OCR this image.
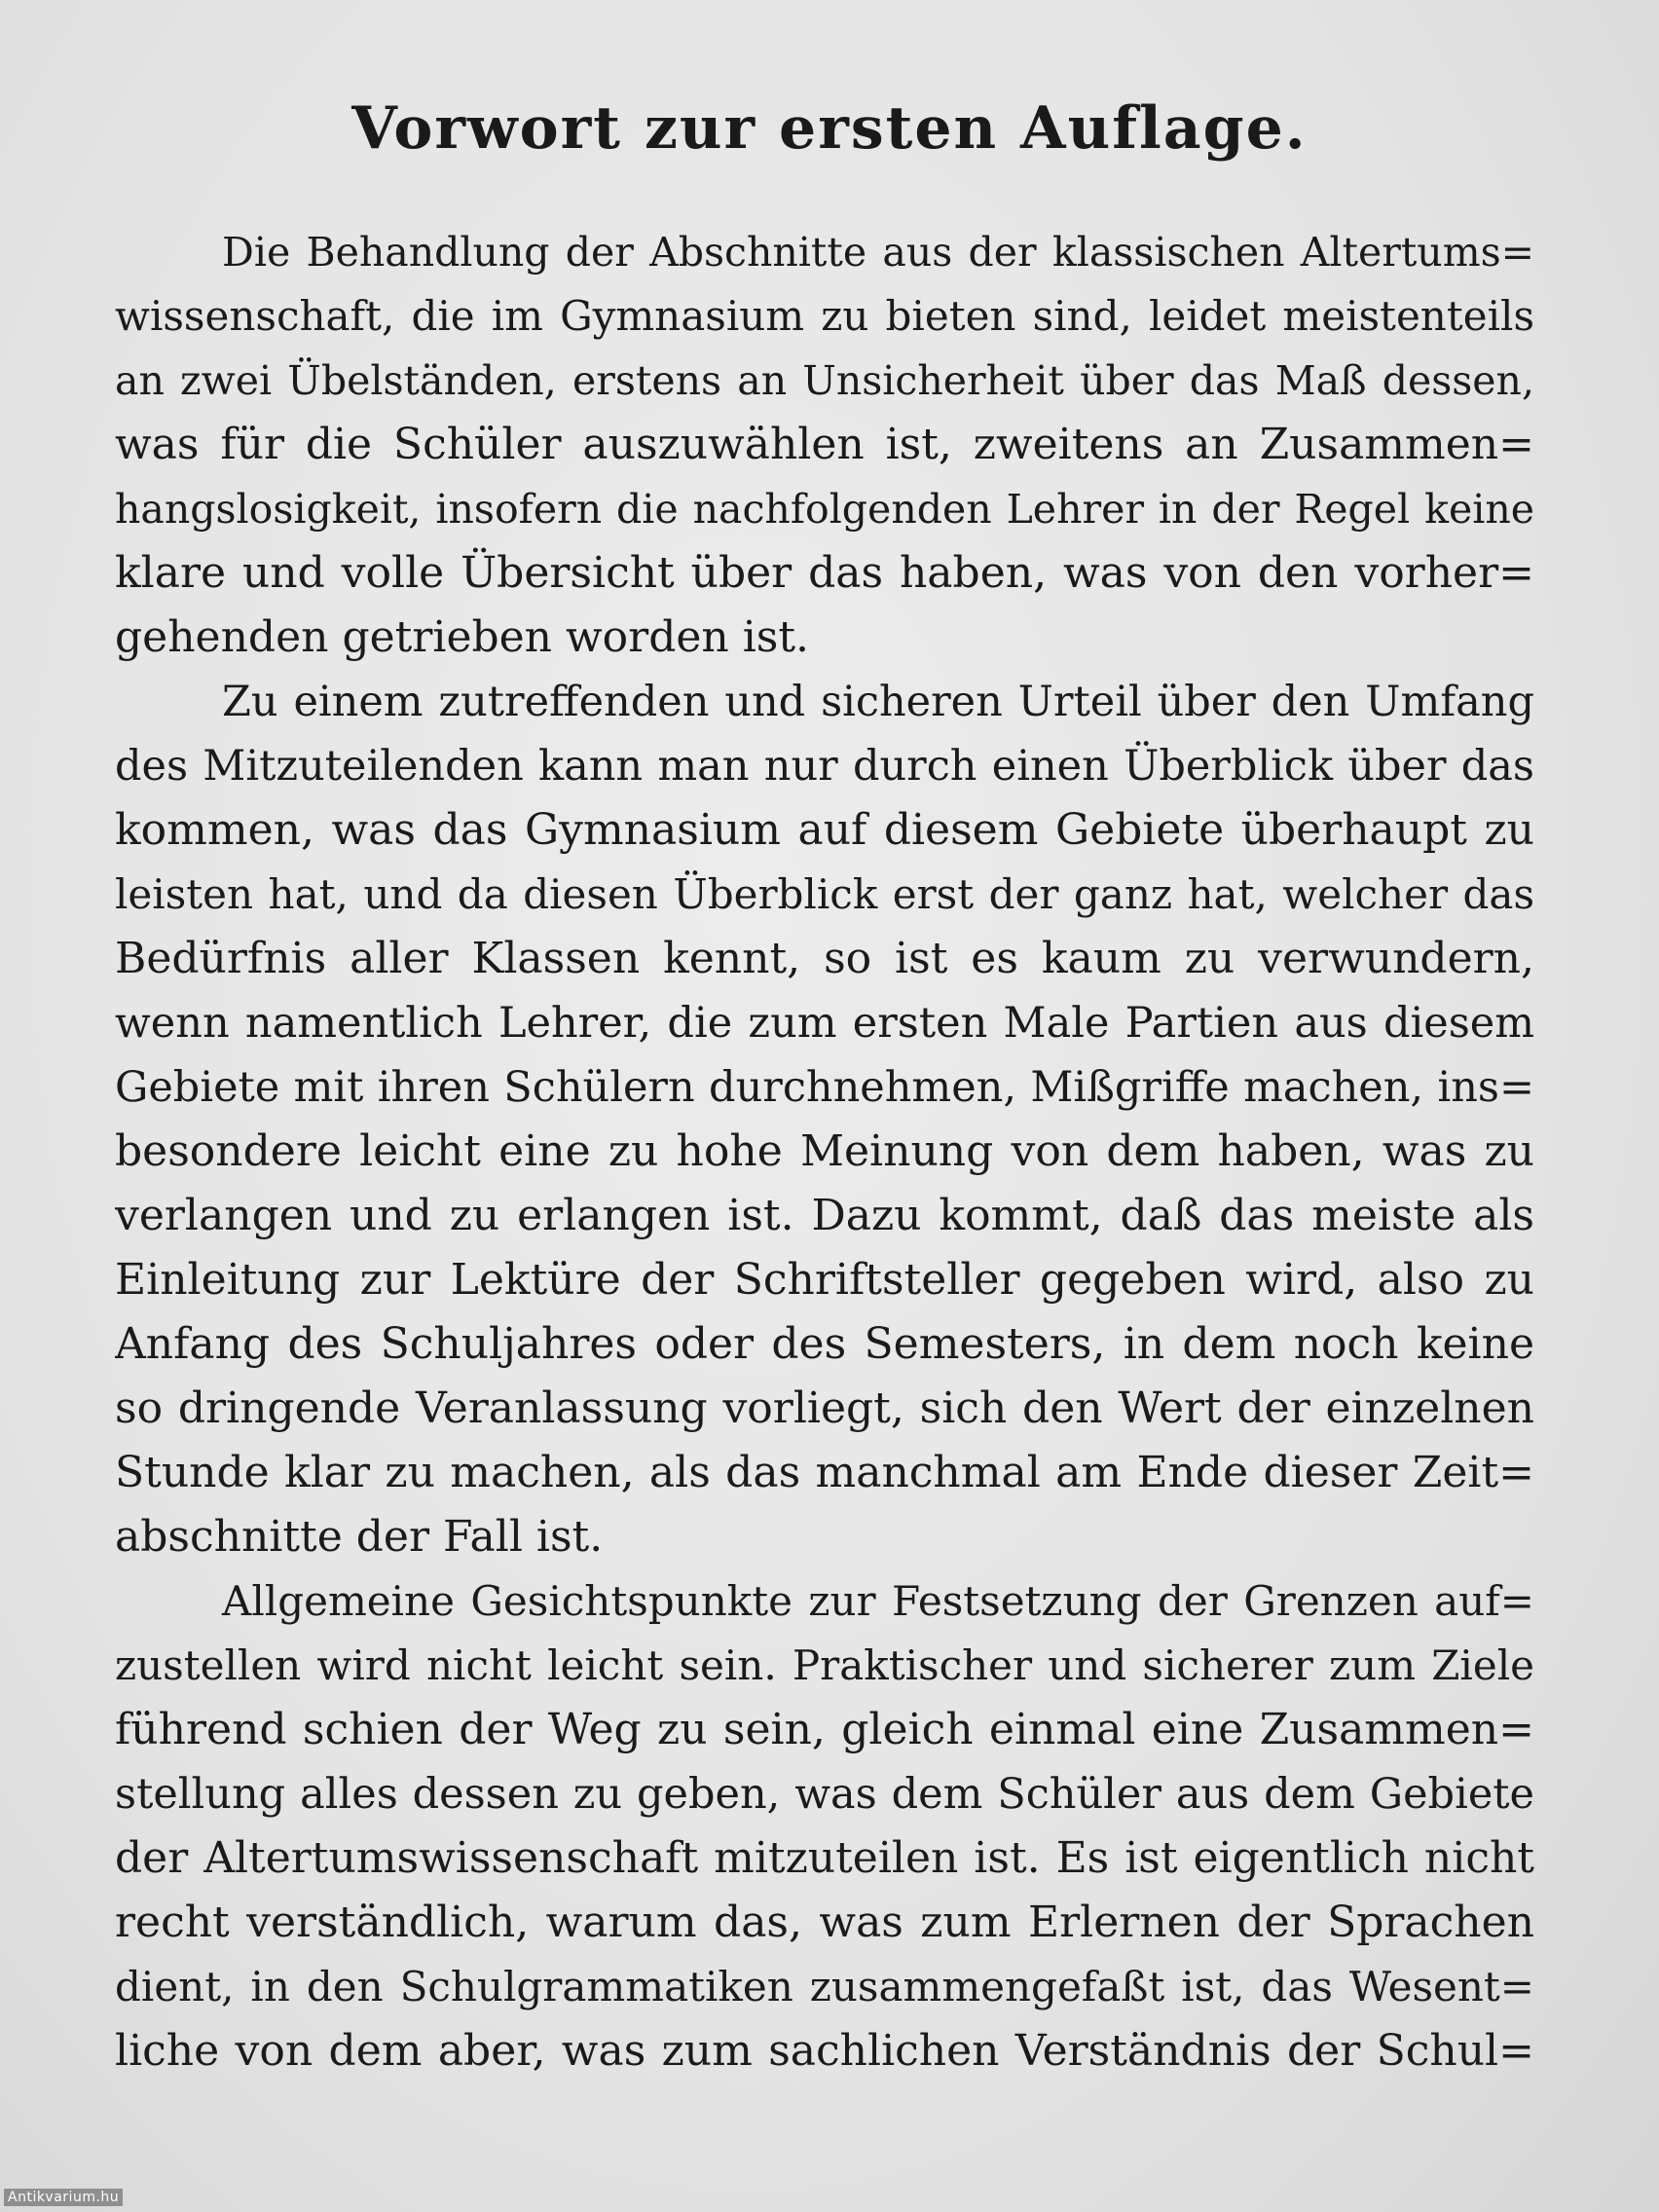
Vorwort zur ersten Auflage.
Die Behandlung der Abschnitte aus der klassischen Altertums=
wissenschaft, die im Gymnasium zu bieten sind, leidet meistenteils
an zwei Übelständen, erstens an Unsicherheit über das Maß dessen,
was für die Schüler auszuwählen ist, zweitens an Zusammen=
hangslosigkeit, insofern die nachfolgenden Lehrer in der Regel keine
klare und volle Übersicht über das haben, was von den vorher=
gehenden getrieben worden ist.
Zu einem zutreffenden und sicheren Urteil über den Umfang
des Mitzuteilenden kann man nur durch einen Überblick über das
kommen, was das Gymnasium auf diesem Gebiete überhaupt zu
leisten hat, und da diesen Überblick erst der ganz hat, welcher das
Bedürfnis aller Klassen kennt, so ist es kaum zu verwundern,
wenn namentlich Lehrer, die zum ersten Male Partien aus diesem
Gebiete mit ihren Schülern durchnehmen, Mißgriffe machen, ins=
besondere leicht eine zu hohe Meinung von dem haben, was zu
verlangen und zu erlangen ist. Dazu kommt, daß das meiste als
Einleitung zur Lektüre der Schriftsteller gegeben wird, also zu
Anfang des Schuljahres oder des Semesters, in dem noch keine
so dringende Veranlassung vorliegt, sich den Wert der einzelnen
Stunde klar zu machen, als das manchmal am Ende dieser Zeit=
abschnitte der Fall ist.
Allgemeine Gesichtspunkte zur Festsetzung der Grenzen auf=
zustellen wird nicht leicht sein. Praktischer und sicherer zum Ziele
führend schien der Weg zu sein, gleich einmal eine Zusammen=
stellung alles dessen zu geben, was dem Schüler aus dem Gebiete
der Altertumswissenschaft mitzuteilen ist. Es ist eigentlich nicht
recht verständlich, warum das, was zum Erlernen der Sprachen
dient, in den Schulgrammatiken zusammengefaßt ist, das Wesent=
liche von dem aber, was zum sachlichen Verständnis der Schul=
Antikvarium.hu
